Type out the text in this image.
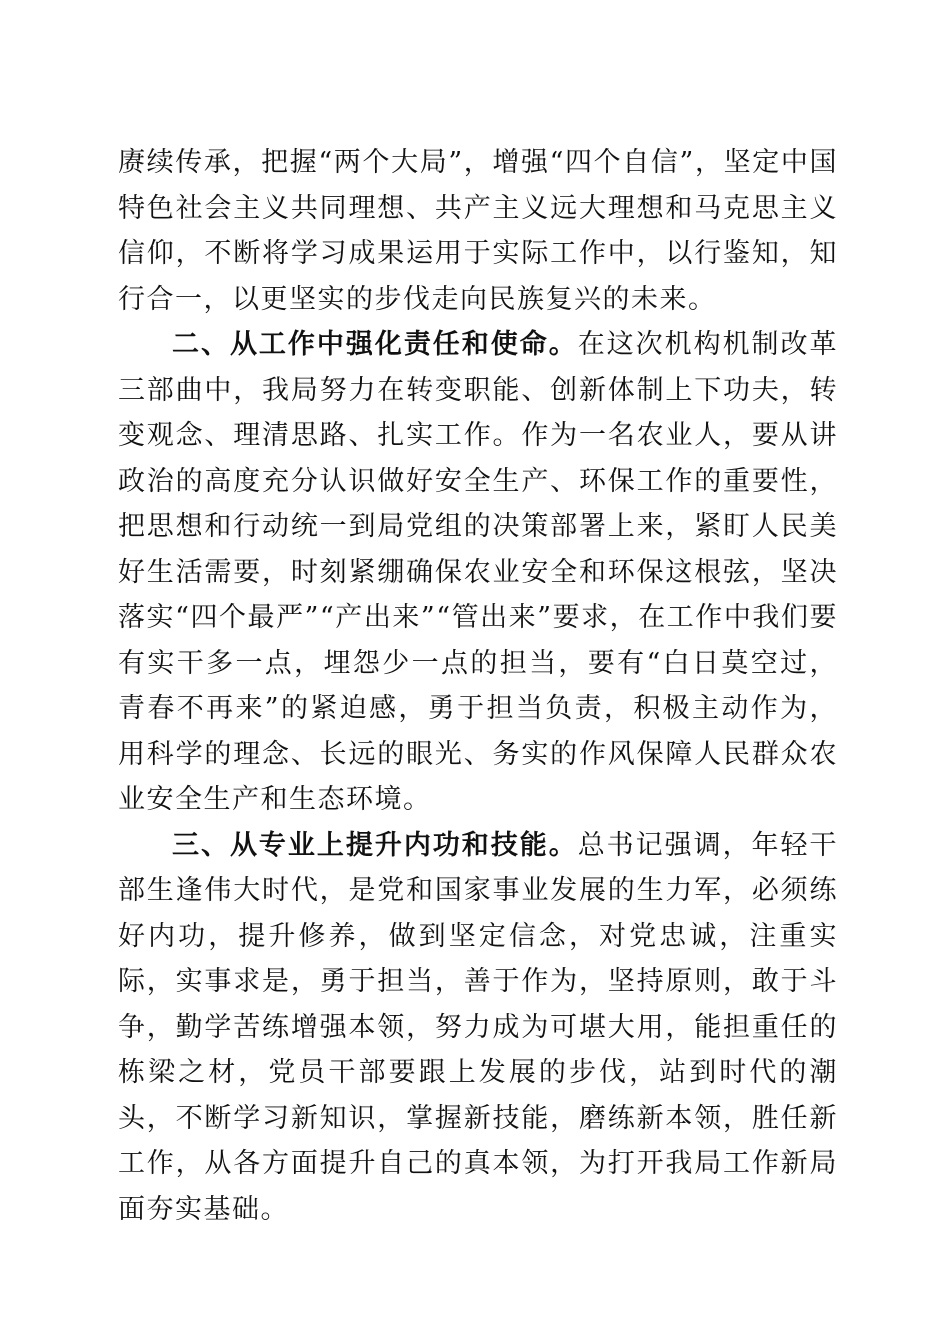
赓续传承，把握“两个大局”，增强“四个自信”，坚定中国特色社会主义共同理想、共产主义远大理想和马克思主义信仰，不断将学习成果运用于实际工作中，以行鉴知，知行合一，以更坚实的步伐走向民族复兴的未来。

二、从工作中强化责任和使命。在这次机构机制改革三部曲中，我局努力在转变职能、创新体制上下功夫，转变观念、理清思路、扎实工作。作为一名农业人，要从讲政治的高度充分认识做好安全生产、环保工作的重要性，把思想和行动统一到局党组的决策部署上来，紧盯人民美好生活需要，时刻紧绷确保农业安全和环保这根弦，坚决落实“四个最严”“产出来”“管出来”要求，在工作中我们要有实干多一点，埋怨少一点的担当，要有“白日莫空过，青春不再来”的紧迫感，勇于担当负责，积极主动作为，用科学的理念、长远的眼光、务实的作风保障人民群众农业安全生产和生态环境。

三、从专业上提升内功和技能。总书记强调，年轻干部生逢伟大时代，是党和国家事业发展的生力军，必须练好内功，提升修养，做到坚定信念，对党忠诚，注重实际，实事求是，勇于担当，善于作为，坚持原则，敢于斗争，勤学苦练增强本领，努力成为可堪大用，能担重任的栋梁之材，党员干部要跟上发展的步伐，站到时代的潮头，不断学习新知识，掌握新技能，磨练新本领，胜任新工作，从各方面提升自己的真本领，为打开我局工作新局面夯实基础。
